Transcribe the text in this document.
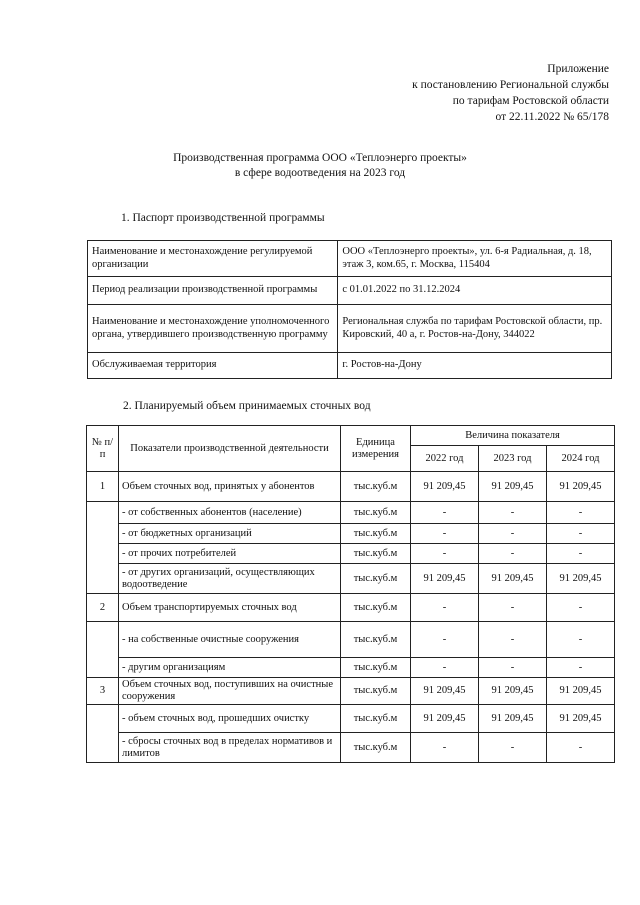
Приложение
к постановлению Региональной службы
по тарифам Ростовской области
от 22.11.2022 № 65/178
Производственная программа ООО «Теплоэнерго проекты»
в сфере водоотведения на 2023 год
1. Паспорт производственной программы
Наименование и местонахождение регулируемой организации	ООО «Теплоэнерго проекты», ул. 6-я Радиальная, д. 18, этаж 3, ком.65, г. Москва, 115404
Период реализации производственной программы	с 01.01.2022 по 31.12.2024
Наименование и местонахождение уполномоченного органа, утвердившего производственную программу	Региональная служба по тарифам Ростовской области, пр. Кировский, 40 а, г. Ростов-на-Дону, 344022
Обслуживаемая территория	г. Ростов-на-Дону
2. Планируемый объем принимаемых сточных вод
№ п/п	Показатели производственной деятельности	Единица измерения	Величина показателя		
			2022 год	2023 год	2024 год
1	Объем сточных вод, принятых у абонентов	тыс.куб.м	91 209,45	91 209,45	91 209,45
	- от собственных абонентов (население)	тыс.куб.м	-	-	-
	- от бюджетных организаций	тыс.куб.м	-	-	-
	- от прочих потребителей	тыс.куб.м	-	-	-
	- от других организаций, осуществляющих водоотведение	тыс.куб.м	91 209,45	91 209,45	91 209,45
2	Объем транспортируемых сточных вод	тыс.куб.м	-	-	-
	- на собственные очистные сооружения	тыс.куб.м	-	-	-
	- другим организациям	тыс.куб.м	-	-	-
3	Объем сточных вод, поступивших на очистные сооружения	тыс.куб.м	91 209,45	91 209,45	91 209,45
	- объем сточных вод, прошедших очистку	тыс.куб.м	91 209,45	91 209,45	91 209,45
	- сбросы сточных вод в пределах нормативов и лимитов	тыс.куб.м	-	-	-
